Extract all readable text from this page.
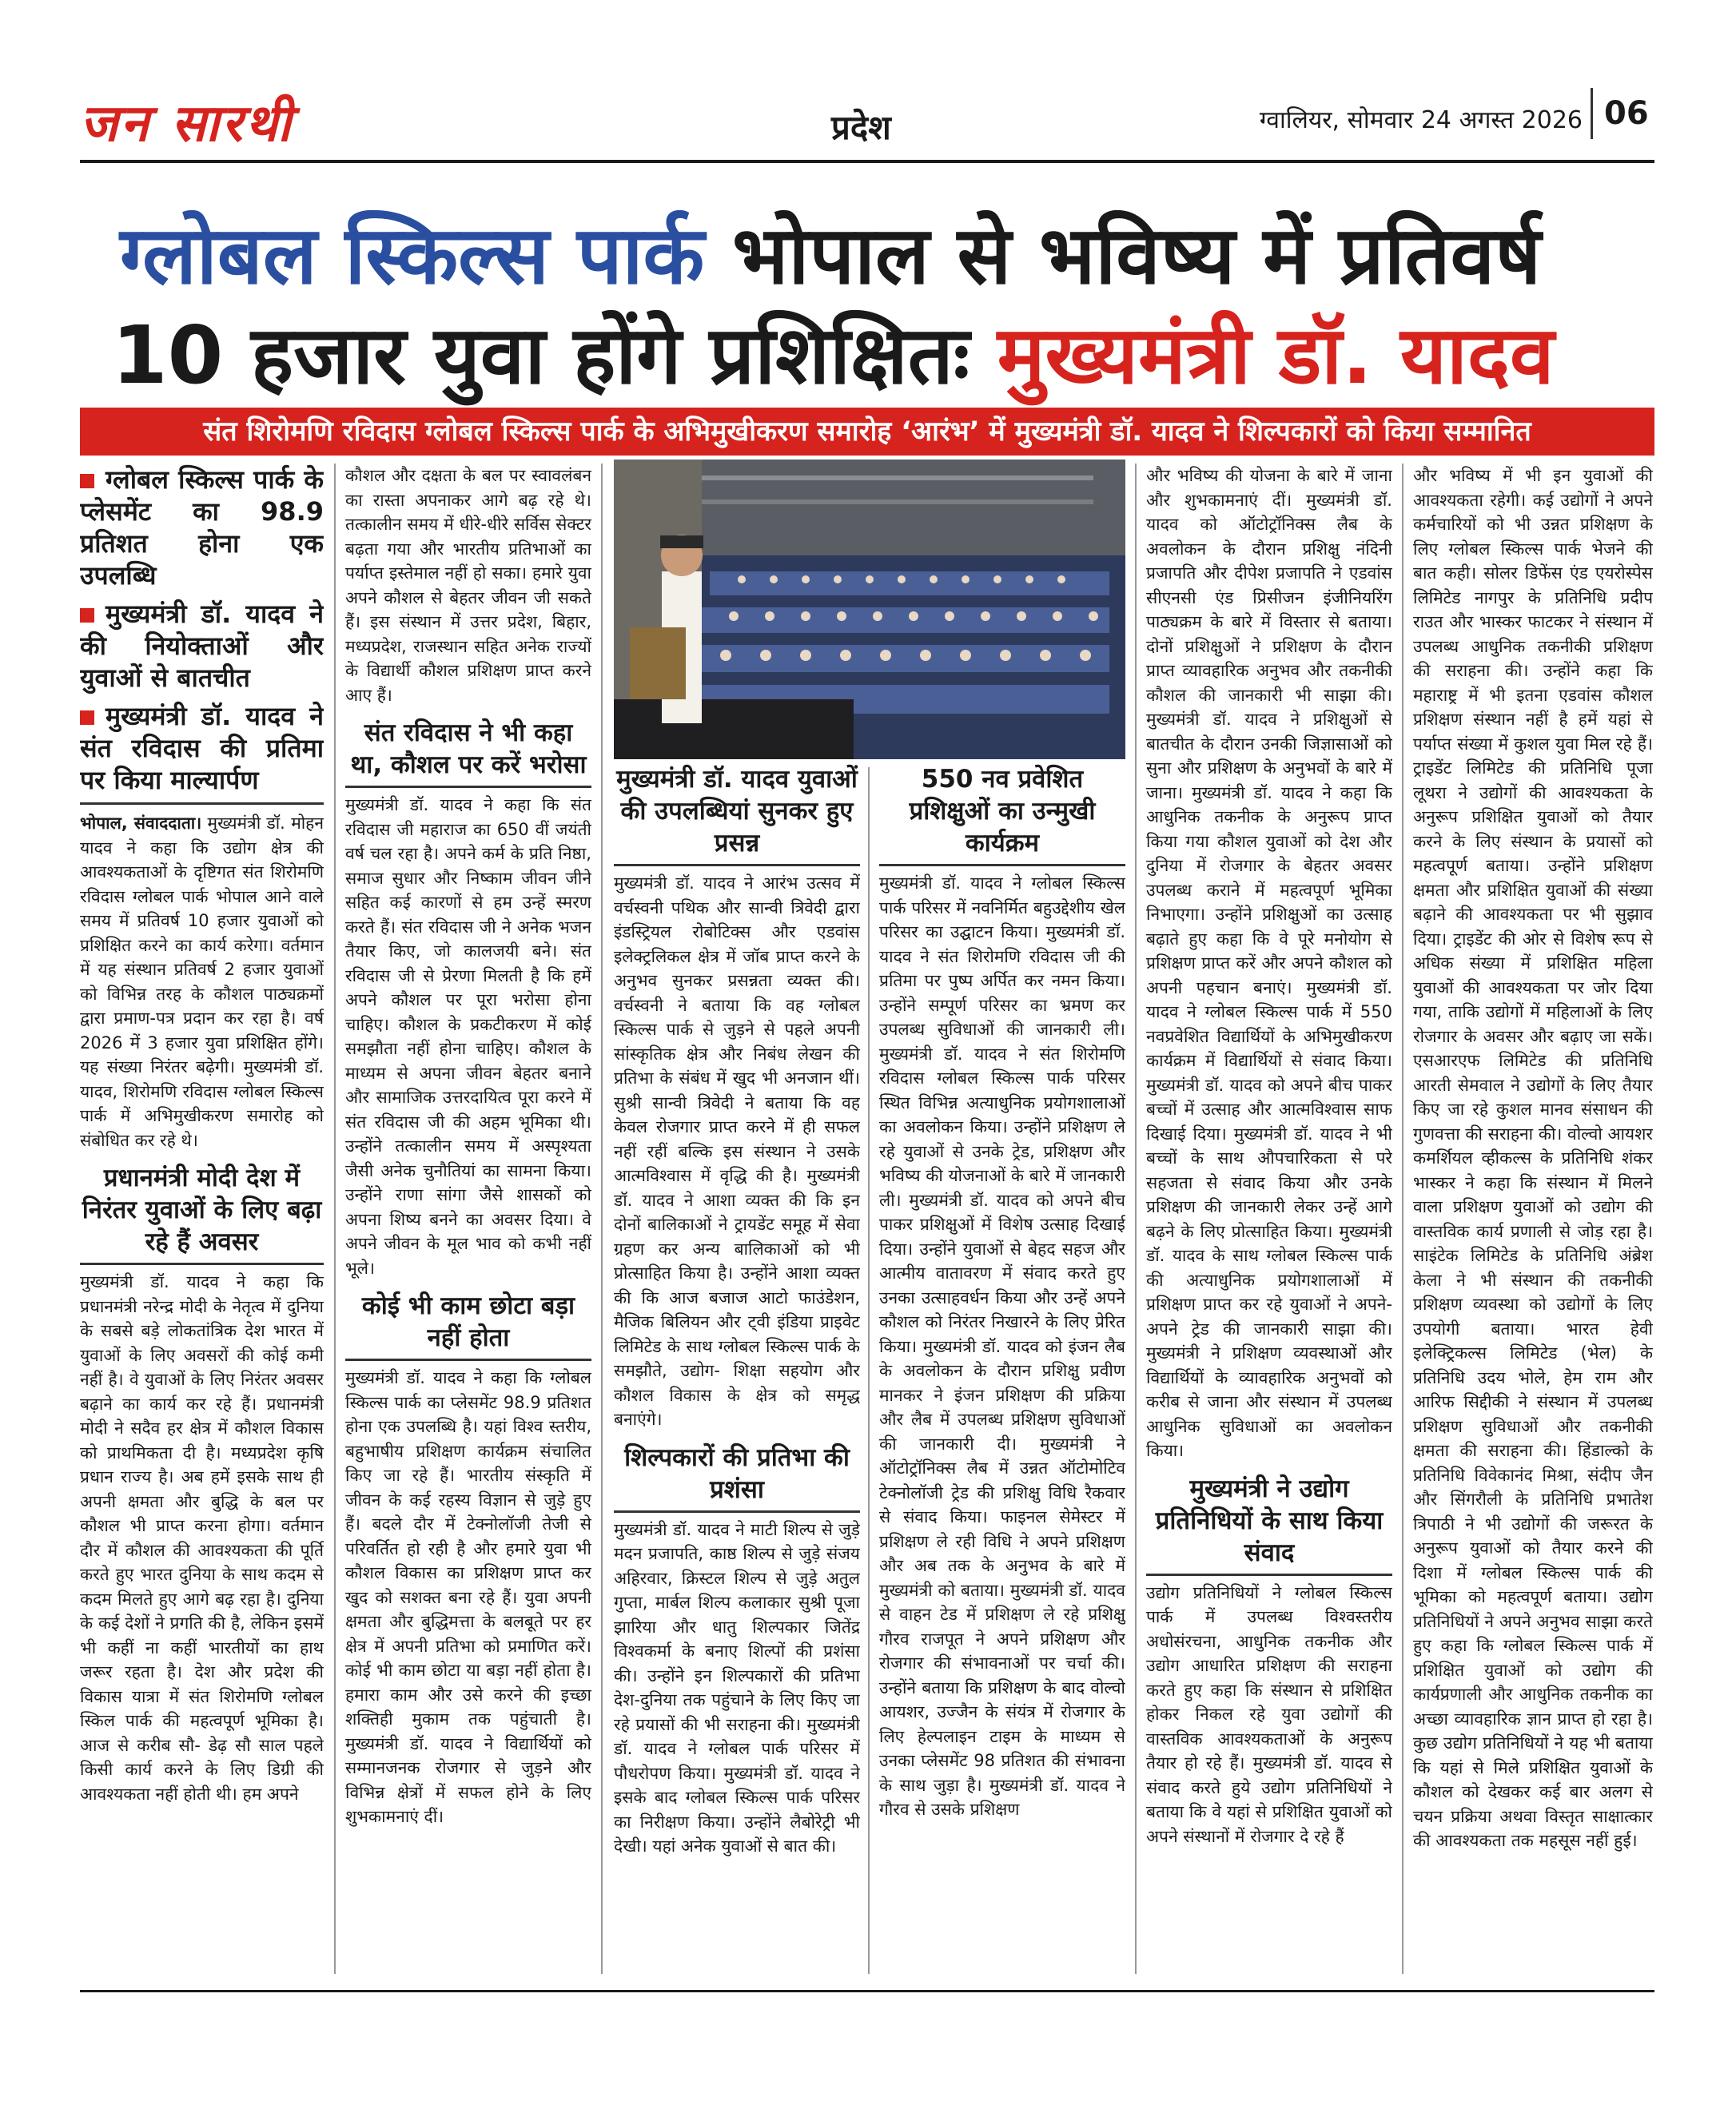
जन सारथी	प्रदेश	ग्वालियर, सोमवार 24 अगस्त 2026 06
ग्लोबल स्किल्स पार्क भोपाल से भविष्य में प्रतिवर्ष
10 हजार युवा होंगे प्रशिक्षितः मुख्यमंत्री डॉ. यादव
संत शिरोमणि रविदास ग्लोबल स्किल्स पार्क के अभिमुखीकरण समारोह ‘आरंभ’ में मुख्यमंत्री डॉ. यादव ने शिल्पकारों को किया सम्मानित
ग्लोबल स्किल्स पार्क के प्लेसमेंट का 98.9 प्रतिशत होना एक उपलब्धि
मुख्यमंत्री डॉ. यादव ने की नियोक्ताओं और युवाओं से बातचीत
मुख्यमंत्री डॉ. यादव ने संत रविदास की प्रतिमा पर किया माल्यार्पण

भोपाल, संवाददाता। मुख्यमंत्री डॉ. मोहन यादव ने कहा कि उद्योग क्षेत्र की आवश्यकताओं के दृष्टिगत संत शिरोमणि रविदास ग्लोबल पार्क भोपाल आने वाले समय में प्रतिवर्ष 10 हजार युवाओं को प्रशिक्षित करने का कार्य करेगा। वर्तमान में यह संस्थान प्रतिवर्ष 2 हजार युवाओं को विभिन्न तरह के कौशल पाठ्यक्रमों द्वारा प्रमाण-पत्र प्रदान कर रहा है। वर्ष 2026 में 3 हजार युवा प्रशिक्षित होंगे। यह संख्या निरंतर बढ़ेगी। मुख्यमंत्री डॉ. यादव, शिरोमणि रविदास ग्लोबल स्किल्स पार्क में अभिमुखीकरण समारोह को संबोधित कर रहे थे।

प्रधानमंत्री मोदी देश में निरंतर युवाओं के लिए बढ़ा रहे हैं अवसर

मुख्यमंत्री डॉ. यादव ने कहा कि प्रधानमंत्री नरेन्द्र मोदी के नेतृत्व में दुनिया के सबसे बड़े लोकतांत्रिक देश भारत में युवाओं के लिए अवसरों की कोई कमी नहीं है। वे युवाओं के लिए निरंतर अवसर बढ़ाने का कार्य कर रहे हैं। प्रधानमंत्री मोदी ने सदैव हर क्षेत्र में कौशल विकास को प्राथमिकता दी है। मध्यप्रदेश कृषि प्रधान राज्य है। अब हमें इसके साथ ही अपनी क्षमता और बुद्धि के बल पर कौशल भी प्राप्त करना होगा। वर्तमान दौर में कौशल की आवश्यकता की पूर्ति करते हुए भारत दुनिया के साथ कदम से कदम मिलते हुए आगे बढ़ रहा है। दुनिया के कई देशों ने प्रगति की है, लेकिन इसमें भी कहीं ना कहीं भारतीयों का हाथ जरूर रहता है। देश और प्रदेश की विकास यात्रा में संत शिरोमणि ग्लोबल स्किल पार्क की महत्वपूर्ण भूमिका है। आज से करीब सौ- डेढ़ सौ साल पहले किसी कार्य करने के लिए डिग्री की आवश्यकता नहीं होती थी। हम अपने

कौशल और दक्षता के बल पर स्वावलंबन का रास्ता अपनाकर आगे बढ़ रहे थे। तत्कालीन समय में धीरे-धीरे सर्विस सेक्टर बढ़ता गया और भारतीय प्रतिभाओं का पर्याप्त इस्तेमाल नहीं हो सका। हमारे युवा अपने कौशल से बेहतर जीवन जी सकते हैं। इस संस्थान में उत्तर प्रदेश, बिहार, मध्यप्रदेश, राजस्थान सहित अनेक राज्यों के विद्यार्थी कौशल प्रशिक्षण प्राप्त करने आए हैं।

संत रविदास ने भी कहा था, कौशल पर करें भरोसा

मुख्यमंत्री डॉ. यादव ने कहा कि संत रविदास जी महाराज का 650 वीं जयंती वर्ष चल रहा है। अपने कर्म के प्रति निष्ठा, समाज सुधार और निष्काम जीवन जीने सहित कई कारणों से हम उन्हें स्मरण करते हैं। संत रविदास जी ने अनेक भजन तैयार किए, जो कालजयी बने। संत रविदास जी से प्रेरणा मिलती है कि हमें अपने कौशल पर पूरा भरोसा होना चाहिए। कौशल के प्रकटीकरण में कोई समझौता नहीं होना चाहिए। कौशल के माध्यम से अपना जीवन बेहतर बनाने और सामाजिक उत्तरदायित्व पूरा करने में संत रविदास जी की अहम भूमिका थी। उन्होंने तत्कालीन समय में अस्पृश्यता जैसी अनेक चुनौतियां का सामना किया। उन्होंने राणा सांगा जैसे शासकों को अपना शिष्य बनने का अवसर दिया। वे अपने जीवन के मूल भाव को कभी नहीं भूले।

कोई भी काम छोटा बड़ा नहीं होता

मुख्यमंत्री डॉ. यादव ने कहा कि ग्लोबल स्किल्स पार्क का प्लेसमेंट 98.9 प्रतिशत होना एक उपलब्धि है। यहां विश्व स्तरीय, बहुभाषीय प्रशिक्षण कार्यक्रम संचालित किए जा रहे हैं। भारतीय संस्कृति में जीवन के कई रहस्य विज्ञान से जुड़े हुए हैं। बदले दौर में टेक्नोलॉजी तेजी से परिवर्तित हो रही है और हमारे युवा भी कौशल विकास का प्रशिक्षण प्राप्त कर खुद को सशक्त बना रहे हैं। युवा अपनी क्षमता और बुद्धिमत्ता के बलबूते पर हर क्षेत्र में अपनी प्रतिभा को प्रमाणित करें। कोई भी काम छोटा या बड़ा नहीं होता है। हमारा काम और उसे करने की इच्छा शक्तिही मुकाम तक पहुंचाती है। मुख्यमंत्री डॉ. यादव ने विद्यार्थियों को सम्मानजनक रोजगार से जुड़ने और विभिन्न क्षेत्रों में सफल होने के लिए शुभकामनाएं दीं।

मुख्यमंत्री डॉ. यादव युवाओं की उपलब्धियां सुनकर हुए प्रसन्न

मुख्यमंत्री डॉ. यादव ने आरंभ उत्सव में वर्चस्वनी पथिक और सान्वी त्रिवेदी द्वारा इंडस्ट्रियल रोबोटिक्स और एडवांस इलेक्ट्रलिकल क्षेत्र में जॉब प्राप्त करने के अनुभव सुनकर प्रसन्नता व्यक्त की। वर्चस्वनी ने बताया कि वह ग्लोबल स्किल्स पार्क से जुड़ने से पहले अपनी सांस्कृतिक क्षेत्र और निबंध लेखन की प्रतिभा के संबंध में खुद भी अनजान थीं। सुश्री सान्वी त्रिवेदी ने बताया कि वह केवल रोजगार प्राप्त करने में ही सफल नहीं रहीं बल्कि इस संस्थान ने उसके आत्मविश्वास में वृद्धि की है। मुख्यमंत्री डॉ. यादव ने आशा व्यक्त की कि इन दोनों बालिकाओं ने ट्रायडेंट समूह में सेवा ग्रहण कर अन्य बालिकाओं को भी प्रोत्साहित किया है। उन्होंने आशा व्यक्त की कि आज बजाज आटो फाउंडेशन, मैजिक बिलियन और ट्वी इंडिया प्राइवेट लिमिटेड के साथ ग्लोबल स्किल्स पार्क के समझौते, उद्योग- शिक्षा सहयोग और कौशल विकास के क्षेत्र को समृद्ध बनाएंगे।

शिल्पकारों की प्रतिभा की प्रशंसा

मुख्यमंत्री डॉ. यादव ने माटी शिल्प से जुड़े मदन प्रजापति, काष्ठ शिल्प से जुड़े संजय अहिरवार, क्रिस्टल शिल्प से जुड़े अतुल गुप्ता, मार्बल शिल्प कलाकार सुश्री पूजा झारिया और धातु शिल्पकार जितेंद्र विश्वकर्मा के बनाए शिल्पों की प्रशंसा की। उन्होंने इन शिल्पकारों की प्रतिभा देश-दुनिया तक पहुंचाने के लिए किए जा रहे प्रयासों की भी सराहना की। मुख्यमंत्री डॉ. यादव ने ग्लोबल पार्क परिसर में पौधरोपण किया। मुख्यमंत्री डॉ. यादव ने इसके बाद ग्लोबल स्किल्स पार्क परिसर का निरीक्षण किया। उन्होंने लैबोरेट्री भी देखी। यहां अनेक युवाओं से बात की।

550 नव प्रवेशित प्रशिक्षुओं का उन्मुखी कार्यक्रम

मुख्यमंत्री डॉ. यादव ने ग्लोबल स्किल्स पार्क परिसर में नवनिर्मित बहुउद्देशीय खेल परिसर का उद्घाटन किया। मुख्यमंत्री डॉ. यादव ने संत शिरोमणि रविदास जी की प्रतिमा पर पुष्प अर्पित कर नमन किया। उन्होंने सम्पूर्ण परिसर का भ्रमण कर उपलब्ध सुविधाओं की जानकारी ली। मुख्यमंत्री डॉ. यादव ने संत शिरोमणि रविदास ग्लोबल स्किल्स पार्क परिसर स्थित विभिन्न अत्याधुनिक प्रयोगशालाओं का अवलोकन किया। उन्होंने प्रशिक्षण ले रहे युवाओं से उनके ट्रेड, प्रशिक्षण और भविष्य की योजनाओं के बारे में जानकारी ली। मुख्यमंत्री डॉ. यादव को अपने बीच पाकर प्रशिक्षुओं में विशेष उत्साह दिखाई दिया। उन्होंने युवाओं से बेहद सहज और आत्मीय वातावरण में संवाद करते हुए उनका उत्साहवर्धन किया और उन्हें अपने कौशल को निरंतर निखारने के लिए प्रेरित किया। मुख्यमंत्री डॉ. यादव को इंजन लैब के अवलोकन के दौरान प्रशिक्षु प्रवीण मानकर ने इंजन प्रशिक्षण की प्रक्रिया और लैब में उपलब्ध प्रशिक्षण सुविधाओं की जानकारी दी। मुख्यमंत्री ने ऑटोट्रॉनिक्स लैब में उन्नत ऑटोमोटिव टेक्नोलॉजी ट्रेड की प्रशिक्षु विधि रैकवार से संवाद किया। फाइनल सेमेस्टर में प्रशिक्षण ले रही विधि ने अपने प्रशिक्षण और अब तक के अनुभव के बारे में मुख्यमंत्री को बताया। मुख्यमंत्री डॉ. यादव से वाहन टेड में प्रशिक्षण ले रहे प्रशिक्षु गौरव राजपूत ने अपने प्रशिक्षण और रोजगार की संभावनाओं पर चर्चा की। उन्होंने बताया कि प्रशिक्षण के बाद वोल्वो आयशर, उज्जैन के संयंत्र में रोजगार के लिए हेल्पलाइन टाइम के माध्यम से उनका प्लेसमेंट 98 प्रतिशत की संभावना के साथ जुड़ा है। मुख्यमंत्री डॉ. यादव ने गौरव से उसके प्रशिक्षण

और भविष्य की योजना के बारे में जाना और शुभकामनाएं दीं। मुख्यमंत्री डॉ. यादव को ऑटोट्रॉनिक्स लैब के अवलोकन के दौरान प्रशिक्षु नंदिनी प्रजापति और दीपेश प्रजापति ने एडवांस सीएनसी एंड प्रिसीजन इंजीनियरिंग पाठ्यक्रम के बारे में विस्तार से बताया। दोनों प्रशिक्षुओं ने प्रशिक्षण के दौरान प्राप्त व्यावहारिक अनुभव और तकनीकी कौशल की जानकारी भी साझा की। मुख्यमंत्री डॉ. यादव ने प्रशिक्षुओं से बातचीत के दौरान उनकी जिज्ञासाओं को सुना और प्रशिक्षण के अनुभवों के बारे में जाना। मुख्यमंत्री डॉ. यादव ने कहा कि आधुनिक तकनीक के अनुरूप प्राप्त किया गया कौशल युवाओं को देश और दुनिया में रोजगार के बेहतर अवसर उपलब्ध कराने में महत्वपूर्ण भूमिका निभाएगा। उन्होंने प्रशिक्षुओं का उत्साह बढ़ाते हुए कहा कि वे पूरे मनोयोग से प्रशिक्षण प्राप्त करें और अपने कौशल को अपनी पहचान बनाएं। मुख्यमंत्री डॉ. यादव ने ग्लोबल स्किल्स पार्क में 550 नवप्रवेशित विद्यार्थियों के अभिमुखीकरण कार्यक्रम में विद्यार्थियों से संवाद किया। मुख्यमंत्री डॉ. यादव को अपने बीच पाकर बच्चों में उत्साह और आत्मविश्वास साफ दिखाई दिया। मुख्यमंत्री डॉ. यादव ने भी बच्चों के साथ औपचारिकता से परे सहजता से संवाद किया और उनके प्रशिक्षण की जानकारी लेकर उन्हें आगे बढ़ने के लिए प्रोत्साहित किया। मुख्यमंत्री डॉ. यादव के साथ ग्लोबल स्किल्स पार्क की अत्याधुनिक प्रयोगशालाओं में प्रशिक्षण प्राप्त कर रहे युवाओं ने अपने-अपने ट्रेड की जानकारी साझा की। मुख्यमंत्री ने प्रशिक्षण व्यवस्थाओं और विद्यार्थियों के व्यावहारिक अनुभवों को करीब से जाना और संस्थान में उपलब्ध आधुनिक सुविधाओं का अवलोकन किया।

मुख्यमंत्री ने उद्योग प्रतिनिधियों के साथ किया संवाद

उद्योग प्रतिनिधियों ने ग्लोबल स्किल्स पार्क में उपलब्ध विश्वस्तरीय अधोसंरचना, आधुनिक तकनीक और उद्योग आधारित प्रशिक्षण की सराहना करते हुए कहा कि संस्थान से प्रशिक्षित होकर निकल रहे युवा उद्योगों की वास्तविक आवश्यकताओं के अनुरूप तैयार हो रहे हैं। मुख्यमंत्री डॉ. यादव से संवाद करते हुये उद्योग प्रतिनिधियों ने बताया कि वे यहां से प्रशिक्षित युवाओं को अपने संस्थानों में रोजगार दे रहे हैं

और भविष्य में भी इन युवाओं की आवश्यकता रहेगी। कई उद्योगों ने अपने कर्मचारियों को भी उन्नत प्रशिक्षण के लिए ग्लोबल स्किल्स पार्क भेजने की बात कही। सोलर डिफेंस एंड एयरोस्पेस लिमिटेड नागपुर के प्रतिनिधि प्रदीप राउत और भास्कर फाटकर ने संस्थान में उपलब्ध आधुनिक तकनीकी प्रशिक्षण की सराहना की। उन्होंने कहा कि महाराष्ट्र में भी इतना एडवांस कौशल प्रशिक्षण संस्थान नहीं है हमें यहां से पर्याप्त संख्या में कुशल युवा मिल रहे हैं। ट्राइडेंट लिमिटेड की प्रतिनिधि पूजा लूथरा ने उद्योगों की आवश्यकता के अनुरूप प्रशिक्षित युवाओं को तैयार करने के लिए संस्थान के प्रयासों को महत्वपूर्ण बताया। उन्होंने प्रशिक्षण क्षमता और प्रशिक्षित युवाओं की संख्या बढ़ाने की आवश्यकता पर भी सुझाव दिया। ट्राइडेंट की ओर से विशेष रूप से अधिक संख्या में प्रशिक्षित महिला युवाओं की आवश्यकता पर जोर दिया गया, ताकि उद्योगों में महिलाओं के लिए रोजगार के अवसर और बढ़ाए जा सकें। एसआरएफ लिमिटेड की प्रतिनिधि आरती सेमवाल ने उद्योगों के लिए तैयार किए जा रहे कुशल मानव संसाधन की गुणवत्ता की सराहना की। वोल्वो आयशर कमर्शियल व्हीकल्स के प्रतिनिधि शंकर भास्कर ने कहा कि संस्थान में मिलने वाला प्रशिक्षण युवाओं को उद्योग की वास्तविक कार्य प्रणाली से जोड़ रहा है। साइंटेक लिमिटेड के प्रतिनिधि अंब्रेश केला ने भी संस्थान की तकनीकी प्रशिक्षण व्यवस्था को उद्योगों के लिए उपयोगी बताया। भारत हेवी इलेक्ट्रिकल्स लिमिटेड (भेल) के प्रतिनिधि उदय भोले, हेम राम और आरिफ सिद्दीकी ने संस्थान में उपलब्ध प्रशिक्षण सुविधाओं और तकनीकी क्षमता की सराहना की। हिंडाल्को के प्रतिनिधि विवेकानंद मिश्रा, संदीप जैन और सिंगरौली के प्रतिनिधि प्रभातेश त्रिपाठी ने भी उद्योगों की जरूरत के अनुरूप युवाओं को तैयार करने की दिशा में ग्लोबल स्किल्स पार्क की भूमिका को महत्वपूर्ण बताया। उद्योग प्रतिनिधियों ने अपने अनुभव साझा करते हुए कहा कि ग्लोबल स्किल्स पार्क में प्रशिक्षित युवाओं को उद्योग की कार्यप्रणाली और आधुनिक तकनीक का अच्छा व्यावहारिक ज्ञान प्राप्त हो रहा है। कुछ उद्योग प्रतिनिधियों ने यह भी बताया कि यहां से मिले प्रशिक्षित युवाओं के कौशल को देखकर कई बार अलग से चयन प्रक्रिया अथवा विस्तृत साक्षात्कार की आवश्यकता तक महसूस नहीं हुई।
